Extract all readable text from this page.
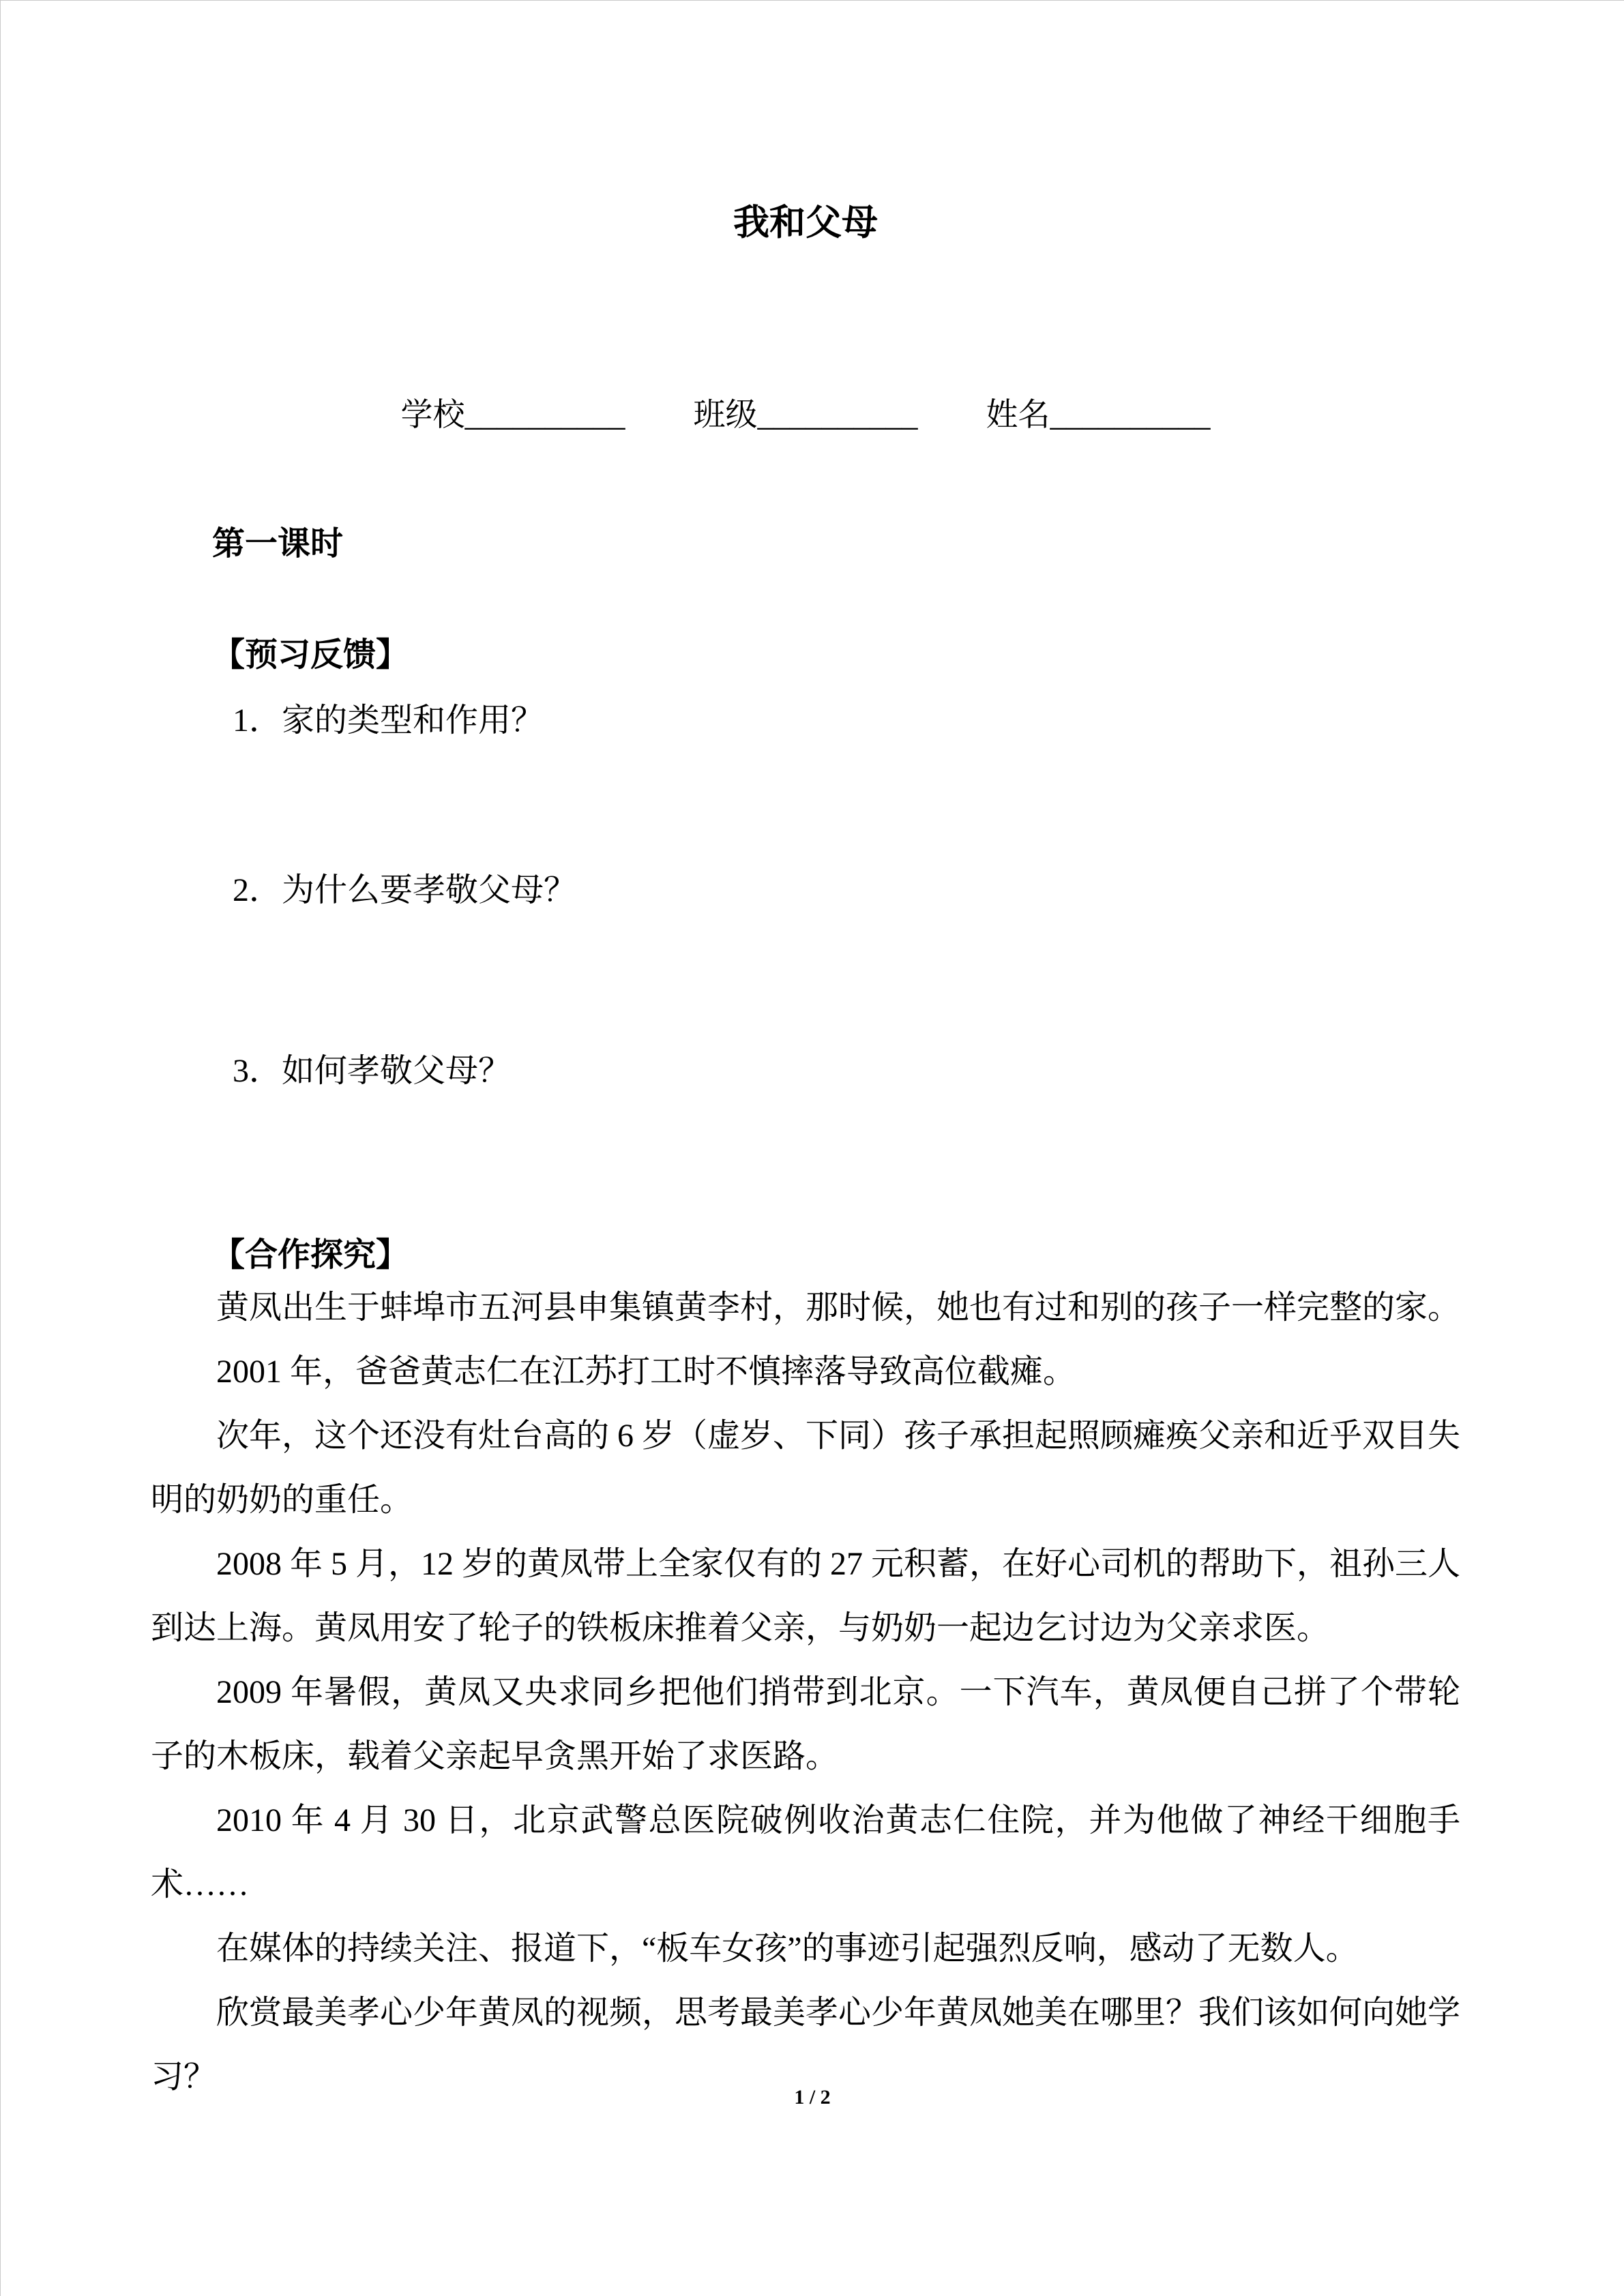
我和父母
学校__________ 班级__________ 姓名__________
第一课时
【预习反馈】
1．家的类型和作用？
2．为什么要孝敬父母？
3．如何孝敬父母？
【合作探究】

黄凤出生于蚌埠市五河县申集镇黄李村，那时候，她也有过和别的孩子一样完整的家。

2001 年，爸爸黄志仁在江苏打工时不慎摔落导致高位截瘫。

次年，这个还没有灶台高的 6 岁（虚岁、下同）孩子承担起照顾瘫痪父亲和近乎双目失明的奶奶的重任。

2008 年 5 月，12 岁的黄凤带上全家仅有的 27 元积蓄，在好心司机的帮助下，祖孙三人到达上海。黄凤用安了轮子的铁板床推着父亲，与奶奶一起边乞讨边为父亲求医。

2009 年暑假，黄凤又央求同乡把他们捎带到北京。一下汽车，黄凤便自己拼了个带轮子的木板床，载着父亲起早贪黑开始了求医路。

2010 年 4 月 30 日，北京武警总医院破例收治黄志仁住院，并为他做了神经干细胞手术……

在媒体的持续关注、报道下，“板车女孩”的事迹引起强烈反响，感动了无数人。

欣赏最美孝心少年黄凤的视频，思考最美孝心少年黄凤她美在哪里？我们该如何向她学习？

1 / 2
